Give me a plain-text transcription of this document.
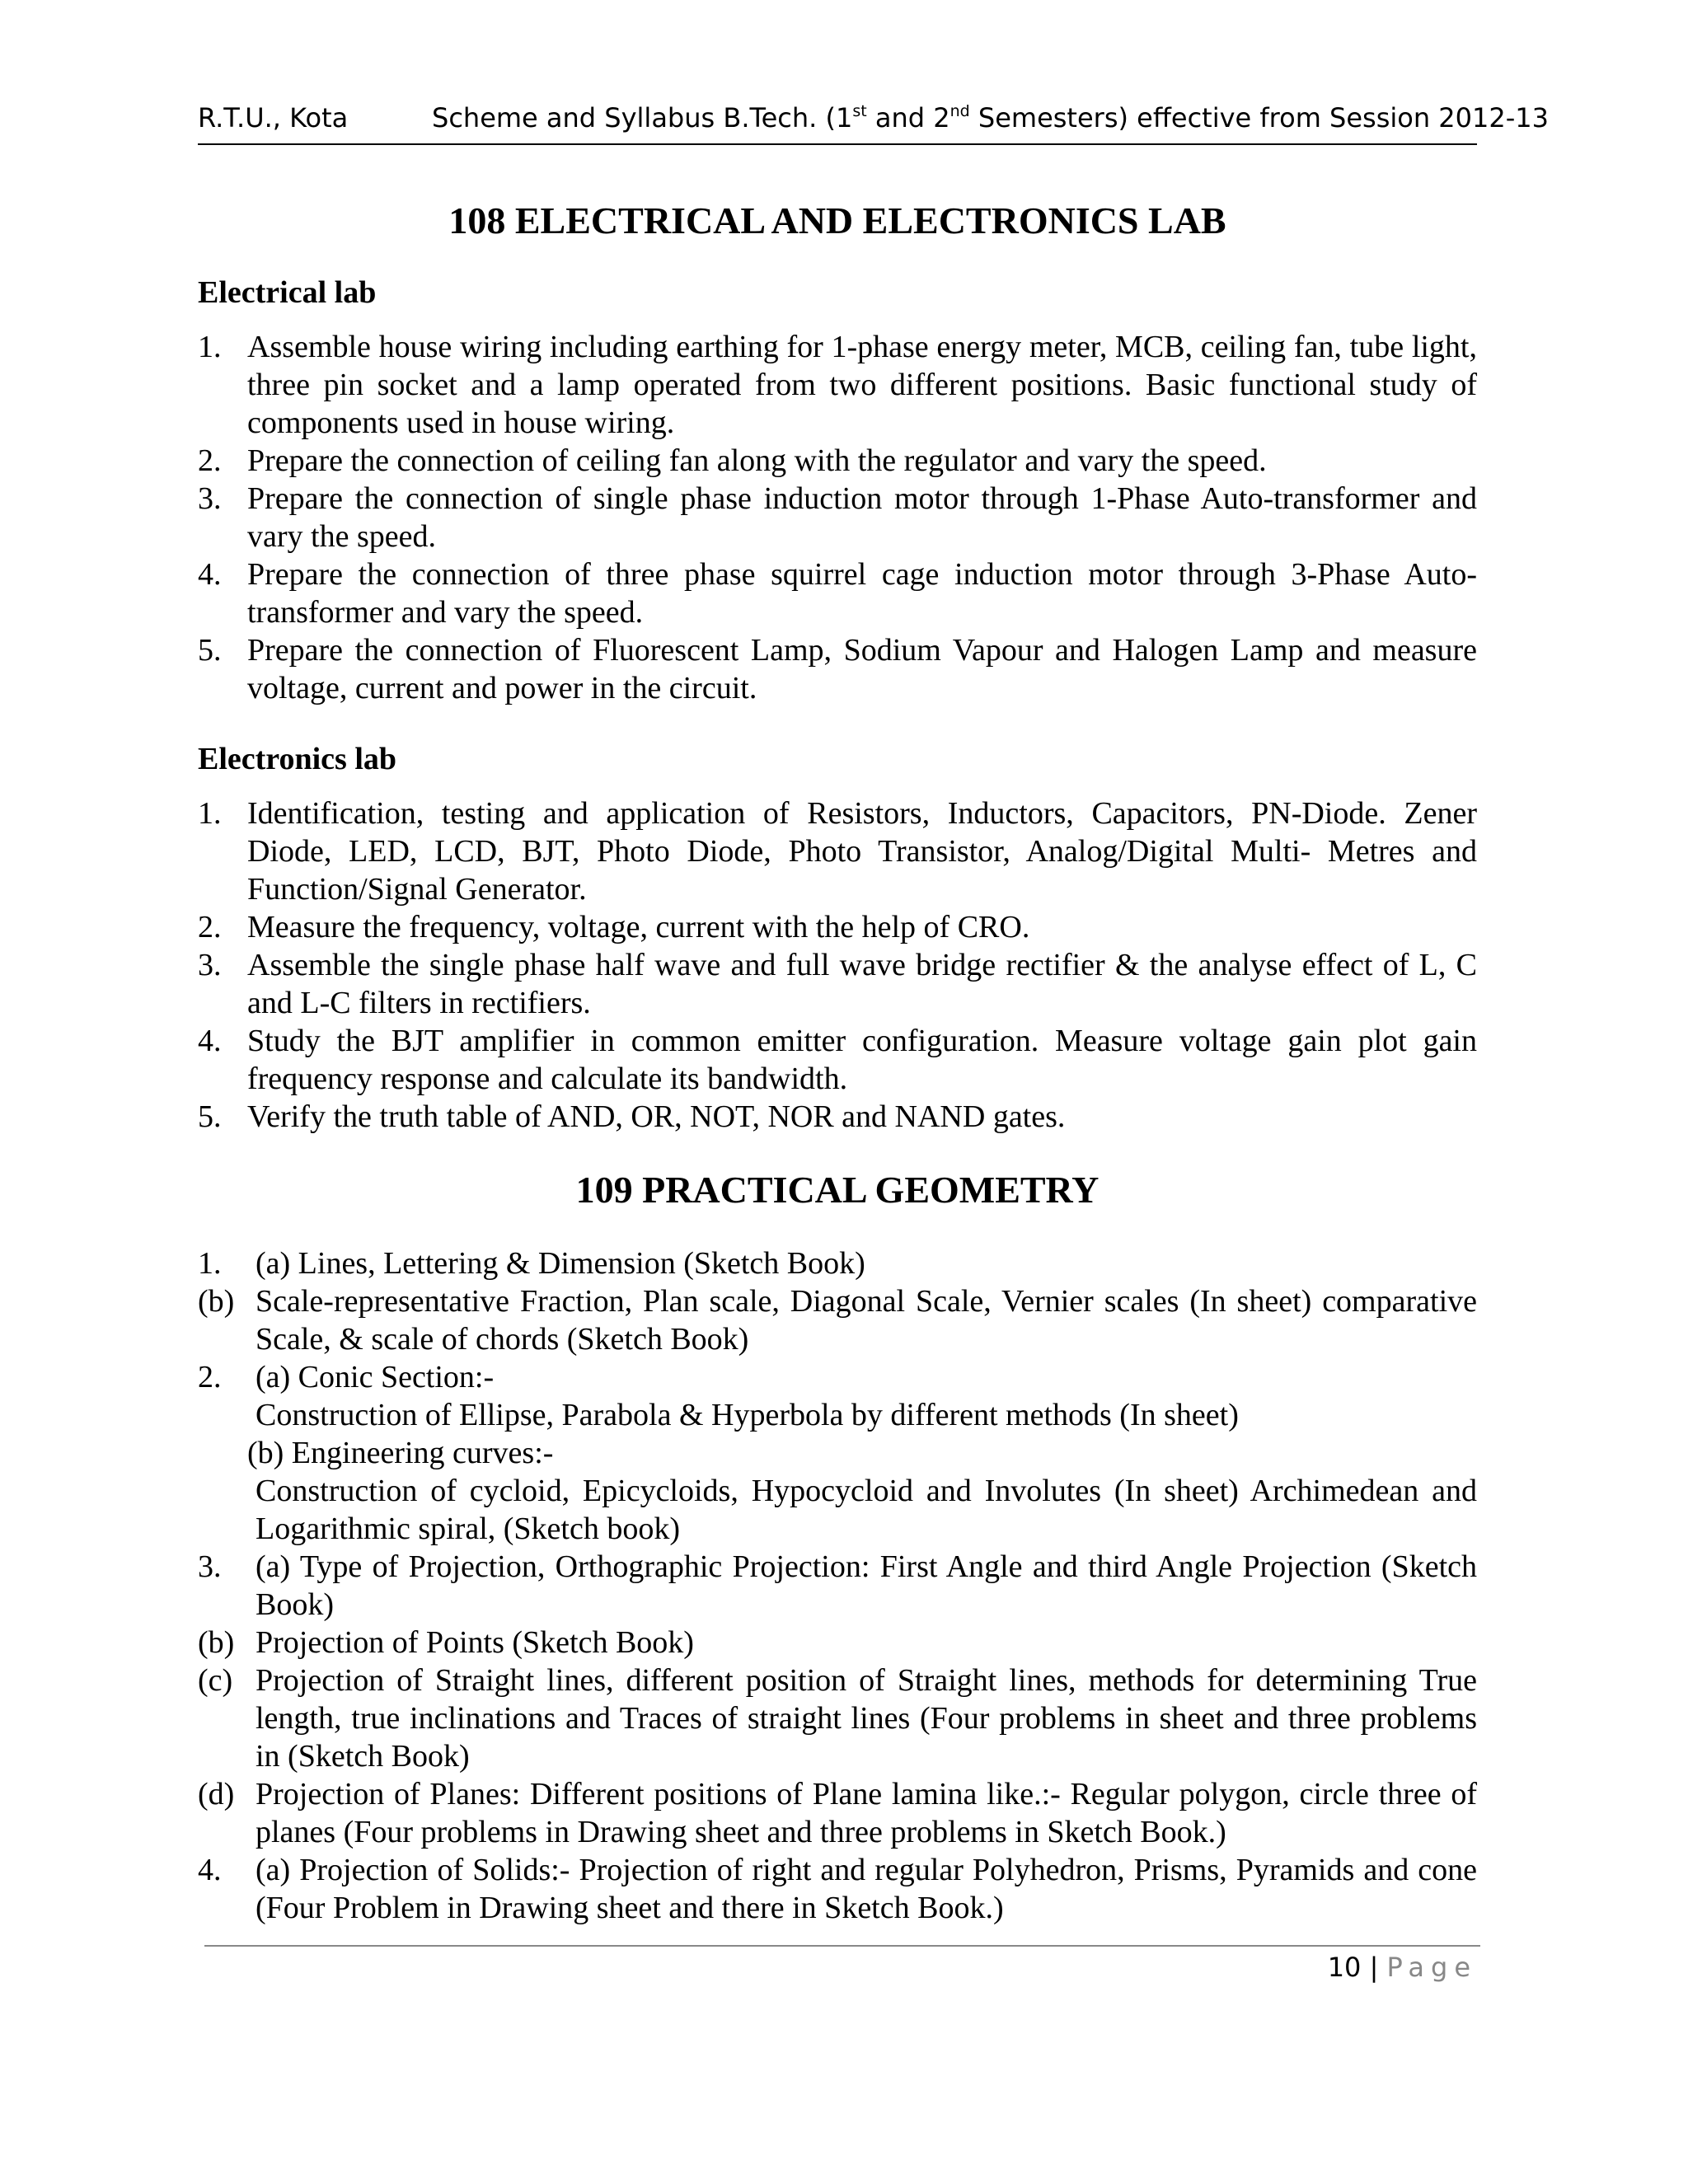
R.T.U., Kota	Scheme and Syllabus B.Tech. (1st and 2nd Semesters) effective from Session 2012-13
108 ELECTRICAL AND ELECTRONICS LAB
Electrical lab
1. Assemble house wiring including earthing for 1-phase energy meter, MCB, ceiling fan, tube light, three pin socket and a lamp operated from two different positions. Basic functional study of components used in house wiring.
2. Prepare the connection of ceiling fan along with the regulator and vary the speed.
3. Prepare the connection of single phase induction motor through 1-Phase Auto-transformer and vary the speed.
4. Prepare the connection of three phase squirrel cage induction motor through 3-Phase Auto-transformer and vary the speed.
5. Prepare the connection of Fluorescent Lamp, Sodium Vapour and Halogen Lamp and measure voltage, current and power in the circuit.
Electronics lab
1. Identification, testing and application of Resistors, Inductors, Capacitors, PN-Diode. Zener Diode, LED, LCD, BJT, Photo Diode, Photo Transistor, Analog/Digital Multi- Metres and Function/Signal Generator.
2. Measure the frequency, voltage, current with the help of CRO.
3. Assemble the single phase half wave and full wave bridge rectifier & the analyse effect of L, C and L-C filters in rectifiers.
4. Study the BJT amplifier in common emitter configuration. Measure voltage gain plot gain frequency response and calculate its bandwidth.
5. Verify the truth table of AND, OR, NOT, NOR and NAND gates.
109 PRACTICAL GEOMETRY
1. (a) Lines, Lettering & Dimension (Sketch Book)
(b) Scale-representative Fraction, Plan scale, Diagonal Scale, Vernier scales (In sheet) comparative Scale, & scale of chords (Sketch Book)
2. (a) Conic Section:-
Construction of Ellipse, Parabola & Hyperbola by different methods (In sheet)
(b) Engineering curves:-
Construction of cycloid, Epicycloids, Hypocycloid and Involutes (In sheet) Archimedean and Logarithmic spiral, (Sketch book)
3. (a) Type of Projection, Orthographic Projection: First Angle and third Angle Projection (Sketch Book)
(b) Projection of Points (Sketch Book)
(c) Projection of Straight lines, different position of Straight lines, methods for determining True length, true inclinations and Traces of straight lines (Four problems in sheet and three problems in (Sketch Book)
(d) Projection of Planes: Different positions of Plane lamina like.:- Regular polygon, circle three of planes (Four problems in Drawing sheet and three problems in Sketch Book.)
4. (a) Projection of Solids:- Projection of right and regular Polyhedron, Prisms, Pyramids and cone (Four Problem in Drawing sheet and there in Sketch Book.)
10 | Page
